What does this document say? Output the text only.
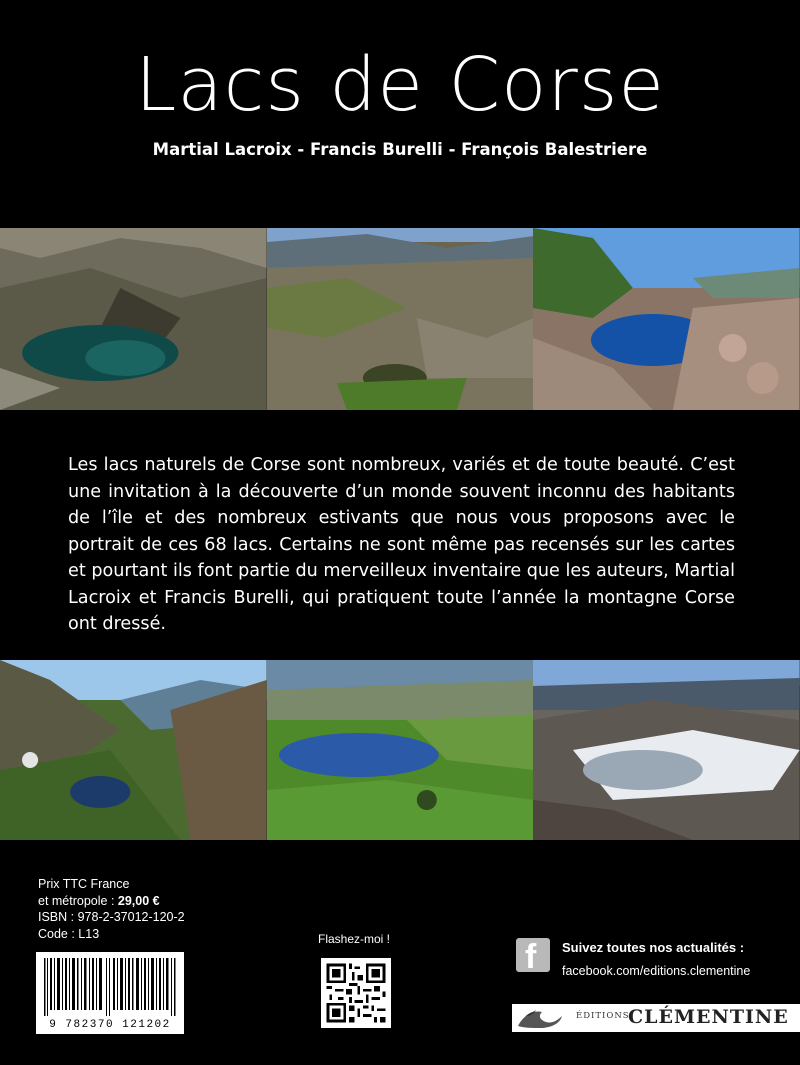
Lacs de Corse
Martial Lacroix - Francis Burelli - François Balestriere
Les lacs naturels de Corse sont nombreux, variés et de toute beauté. C’est une invitation à la découverte d’un monde souvent inconnu des habitants de l’île et des nombreux estivants que nous vous proposons avec le portrait de ces 68 lacs. Certains ne sont même pas recensés sur les cartes et pourtant ils font partie du merveilleux inventaire que les auteurs, Martial Lacroix et Francis Burelli, qui pratiquent toute l’année la montagne Corse ont dressé.
Prix TTC France
et métropole : 29,00 €
ISBN : 978-2-37012-120-2
Code : L13
9 782370 121202
Flashez-moi !	f Suivez toutes nos actualités :
facebook.com/editions.clementine
ÉDITIONS
CLÉMENTINE
